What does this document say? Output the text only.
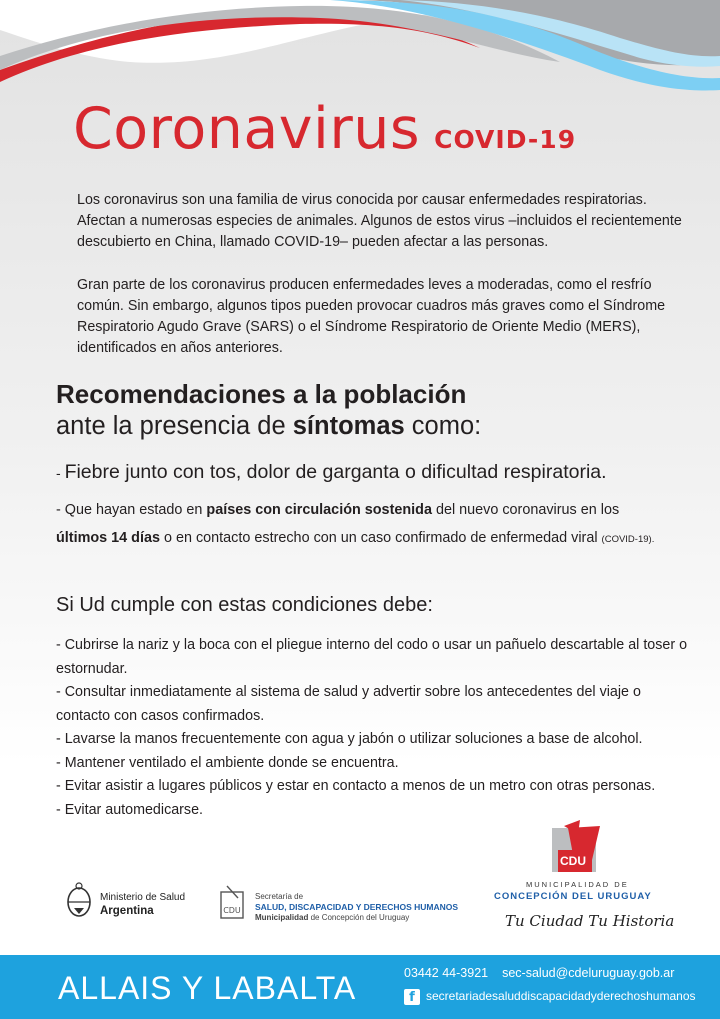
Coronavirus COVID-19

Los coronavirus son una familia de virus conocida por causar enfermedades respiratorias. Afectan a numerosas especies de animales. Algunos de estos virus –incluidos el recientemente descubierto en China, llamado COVID-19– pueden afectar a las personas.

Gran parte de los coronavirus producen enfermedades leves a moderadas, como el resfrío común. Sin embargo, algunos tipos pueden provocar cuadros más graves como el Síndrome Respiratorio Agudo Grave (SARS) o el Síndrome Respiratorio de Oriente Medio (MERS), identificados en años anteriores.

Recomendaciones a la población
ante la presencia de síntomas como:
- Fiebre junto con tos, dolor de garganta o dificultad respiratoria.
- Que hayan estado en países con circulación sostenida del nuevo coronavirus en los
últimos 14 días o en contacto estrecho con un caso confirmado de enfermedad viral (COVID-19).
Si Ud cumple con estas condiciones debe:
- Cubrirse la nariz y la boca con el pliegue interno del codo o usar un pañuelo descartable al toser o estornudar.
- Consultar inmediatamente al sistema de salud y advertir sobre los antecedentes del viaje o contacto con casos confirmados.
- Lavarse la manos frecuentemente con agua y jabón o utilizar soluciones a base de alcohol.
- Mantener ventilado el ambiente donde se encuentra.
- Evitar asistir a lugares públicos y estar en contacto a menos de un metro con otras personas.
- Evitar automedicarse.
Ministerio de Salud
Argentina	CDU
Secretaría de
SALUD, DISCAPACIDAD Y DERECHOS HUMANOS
Municipalidad de Concepción del Uruguay
CDU
MUNICIPALIDAD DE
CONCEPCIÓN DEL URUGUAY
Tu Ciudad Tu Historia
ALLAIS Y LABALTA	03442 44-3921 sec-salud@cdeluruguay.gob.ar
f secretariadesaluddiscapacidadyderechoshumanos
